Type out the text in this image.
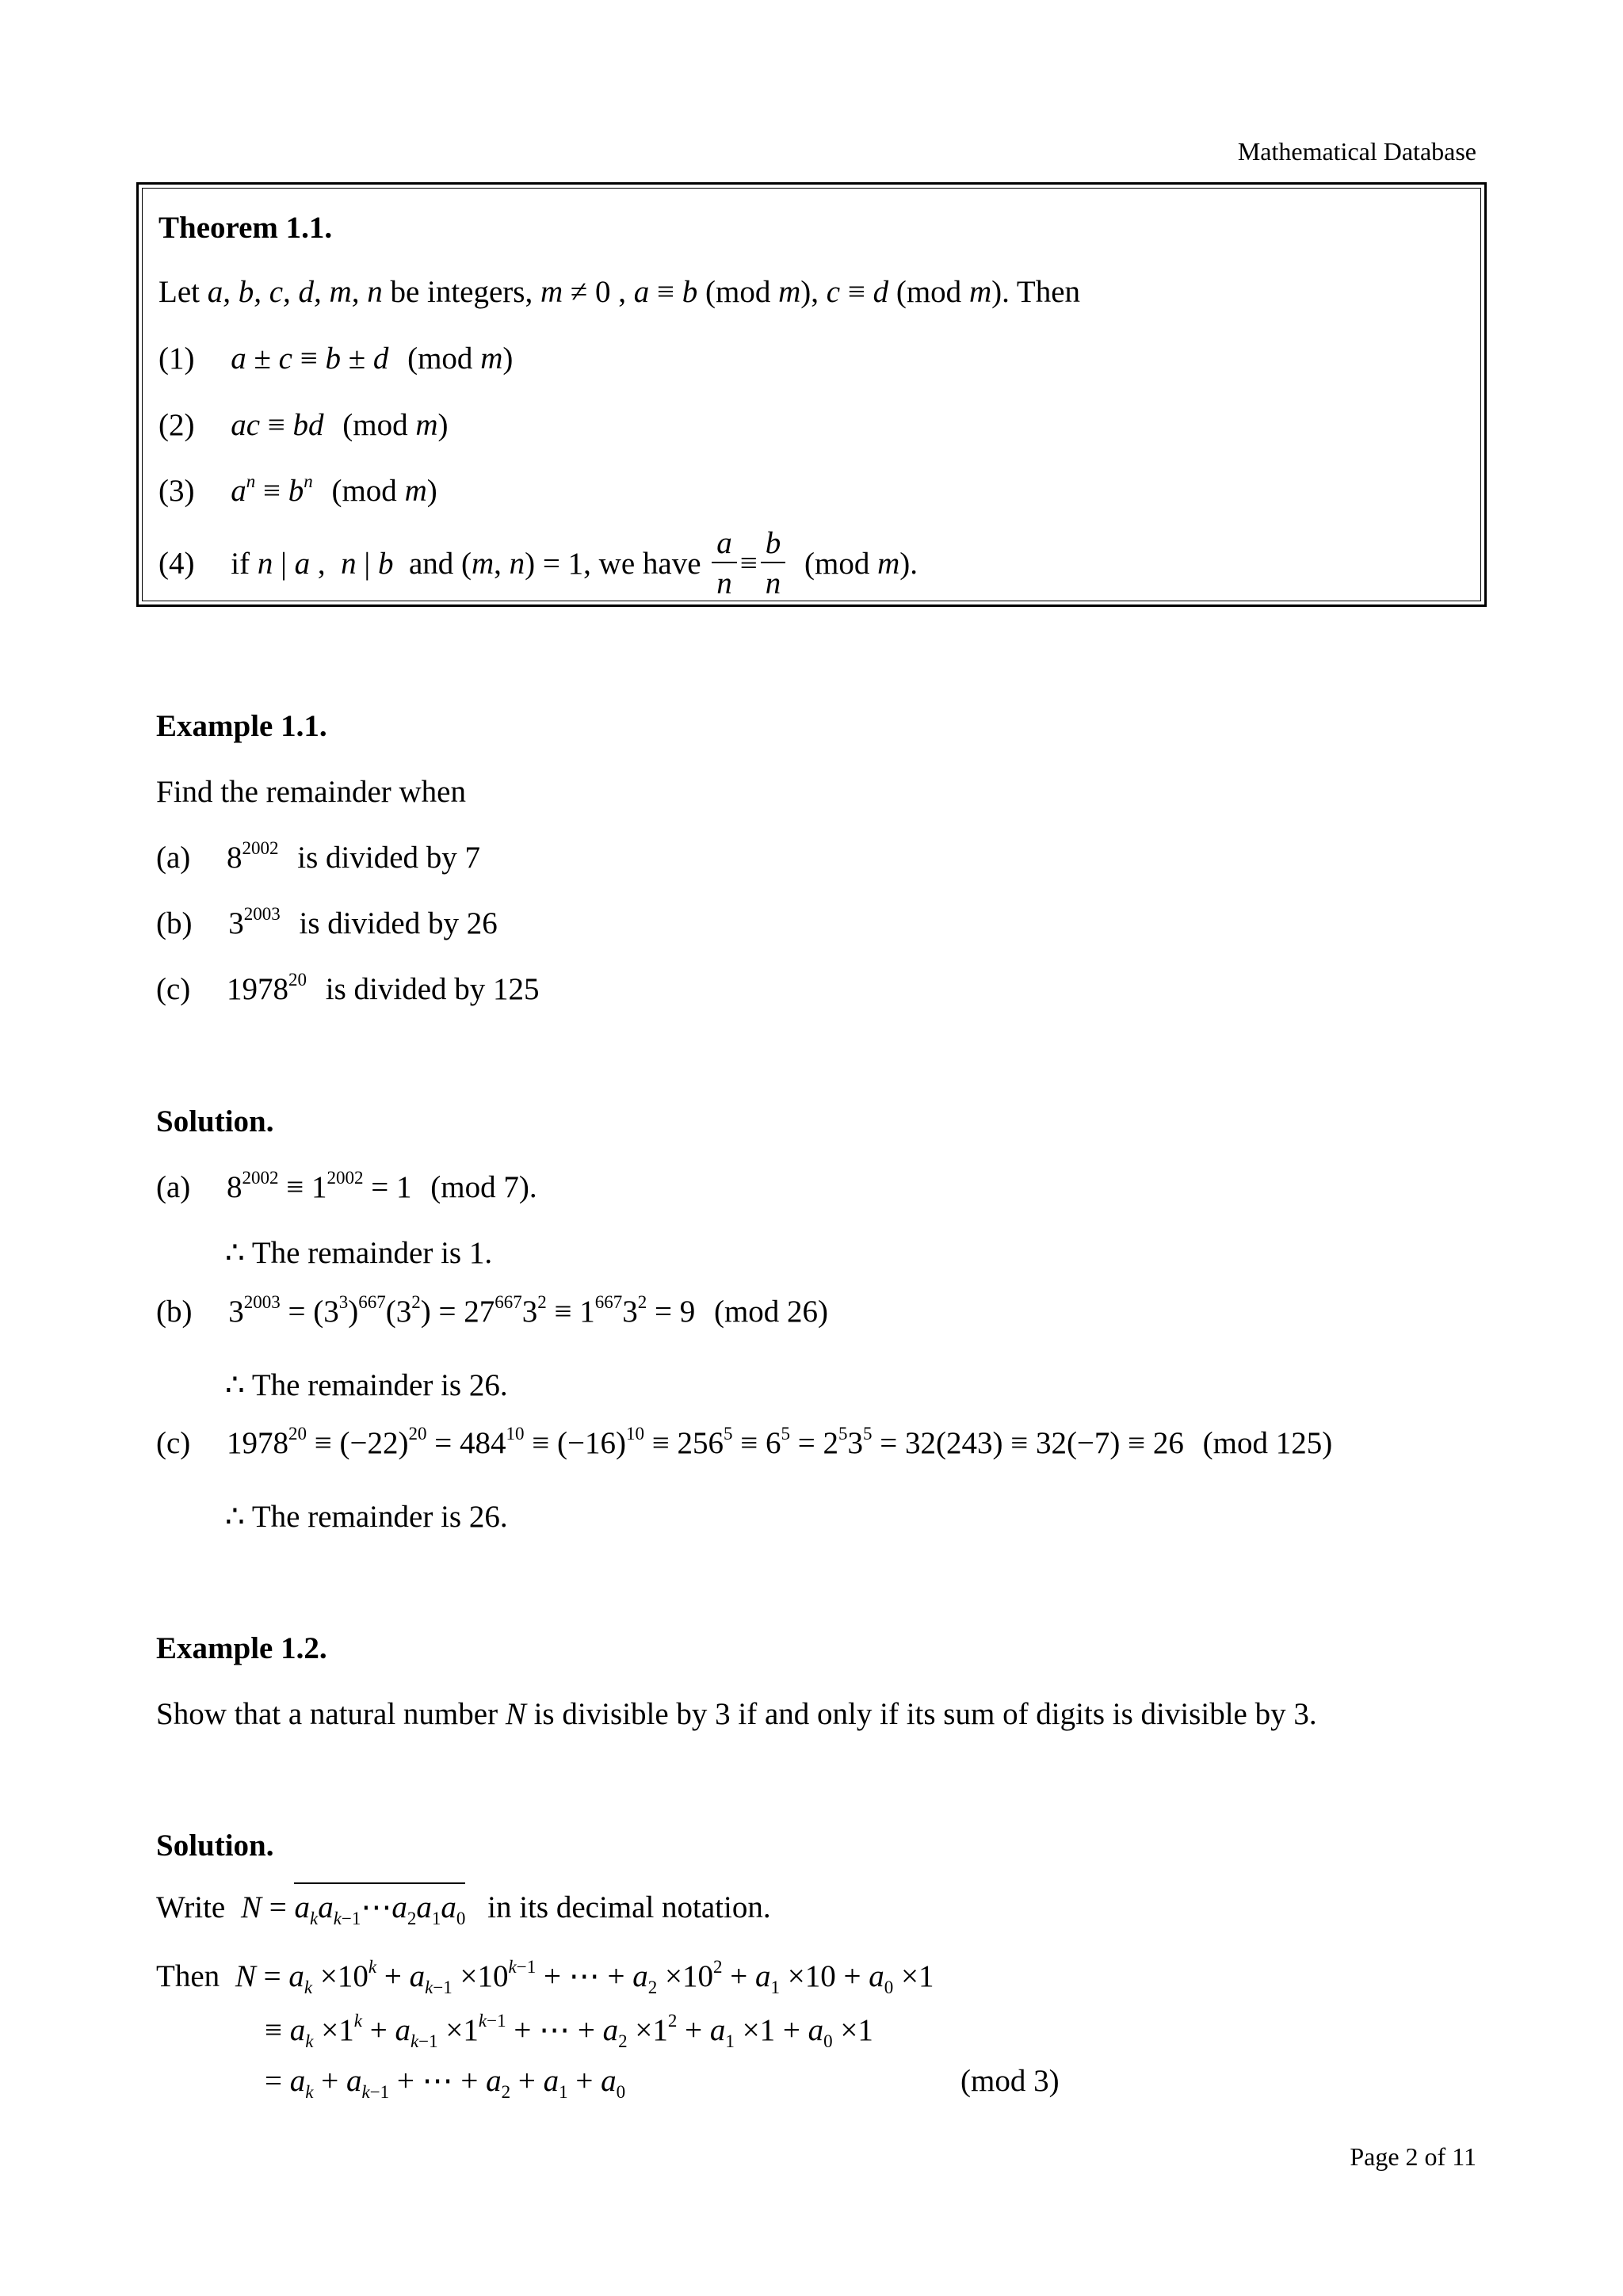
Mathematical Database
Theorem 1.1.
Let a, b, c, d, m, n be integers, m ≠ 0 , a ≡ b (mod m), c ≡ d (mod m). Then
(1) a ± c ≡ b ± d (mod m)
(2) ac ≡ bd (mod m)
(3) $a^n \equiv b^n$ (mod m)
(4) if n | a ,  n | b  and (m, n) = 1, we have $\frac{a}{n} \equiv \frac{b}{n} (mod$ m).
Example 1.1.
Find the remainder when
(a) $8^{2002}$ is divided by 7
(b) $3^{2003}$ is divided by 26
(c) 1978$^{20}$ is divided by 125
Solution.
(a) $8^{2002} \equiv 1^{2002} = 1$ (mod 7).
∴ The remainder is 1.
(b) $3^{2003} = (3^3)^{667}(3^2) = 27^{667}3^2 \equiv 1^{667}3^2 = 9$ (mod 26)
∴ The remainder is 26.
(c) $1978^{20} \equiv (-22)^{20} = 484^{10} \equiv (-16)^{10} \equiv 256^5 \equiv 6^5 = 2^53^5 = 32(243) \equiv 32(-7) \equiv 26$ (mod 125)
∴ The remainder is 26.
Example 1.2.
Show that a natural number N is divisible by 3 if and only if its sum of digits is divisible by 3.
Solution.
Write $N = a_ka_{k-1}\cdots a_2a_1a_0$ in its decimal notation.
Then $N = a_k \times 10^k + a_{k-1} \times 10^{k-1}$ + ⋯ + $a_2 \times 10^2 + a_1 \times 10 + a_0 \times 1$
≡ $a_k \times 1^k + a_{k-1} \times 1^{k-1}$ + ⋯ + $a_2 \times 1^2 + a_1 \times 1 + a_0 \times 1$
= $a_k + a_{k-1}$ + ⋯ + $a_2 + a_1 + a_0$	(mod 3)
Page 2 of 11
